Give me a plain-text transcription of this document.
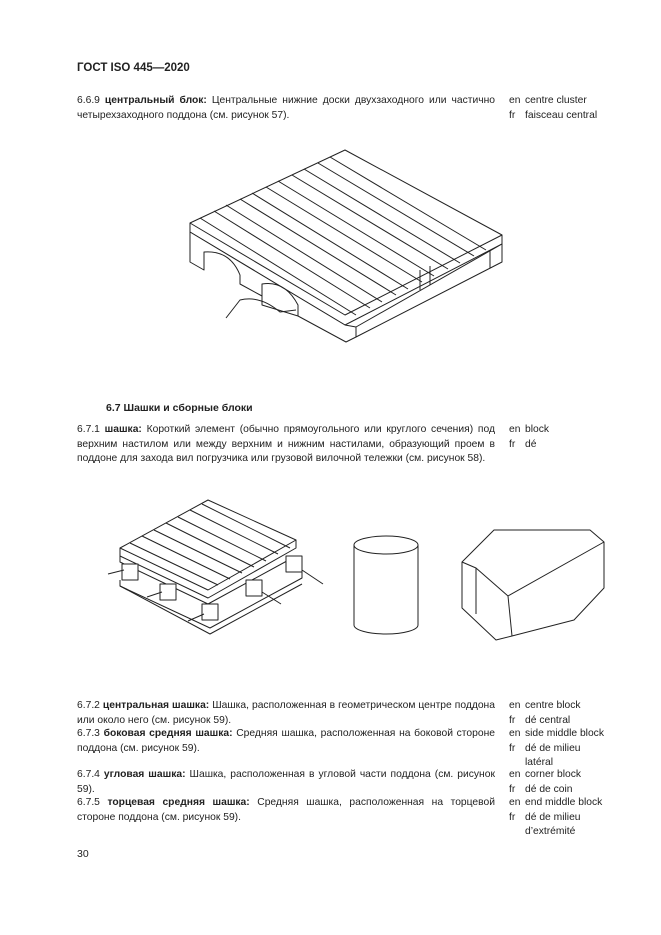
ГОСТ ISO 445—2020
6.6.9 центральный блок: Центральные нижние доски двухзаходного или частично четырехзаходного поддона (см. рисунок 57).
en centre cluster
fr faisceau central
6.7 Шашки и сборные блоки
6.7.1 шашка: Короткий элемент (обычно прямоугольного или круглого сечения) под верхним настилом или между верхним и нижним настилами, образующий проем в поддоне для захода вил погрузчика или грузовой вилочной тележки (см. рисунок 58).
en block
fr dé
6.7.2 центральная шашка: Шашка, расположенная в геометрическом центре поддона или около него (см. рисунок 59).
en centre block
fr dé central
6.7.3 боковая средняя шашка: Средняя шашка, расположенная на боковой стороне поддона (см. рисунок 59).
en side middle block
fr dé de milieu
latéral
6.7.4 угловая шашка: Шашка, расположенная в угловой части поддона (см. рисунок 59).
en corner block
fr dé de coin
6.7.5 торцевая средняя шашка: Средняя шашка, расположенная на торцевой стороне поддона (см. рисунок 59).
en end middle block
fr dé de milieu
d’extrémité
30
